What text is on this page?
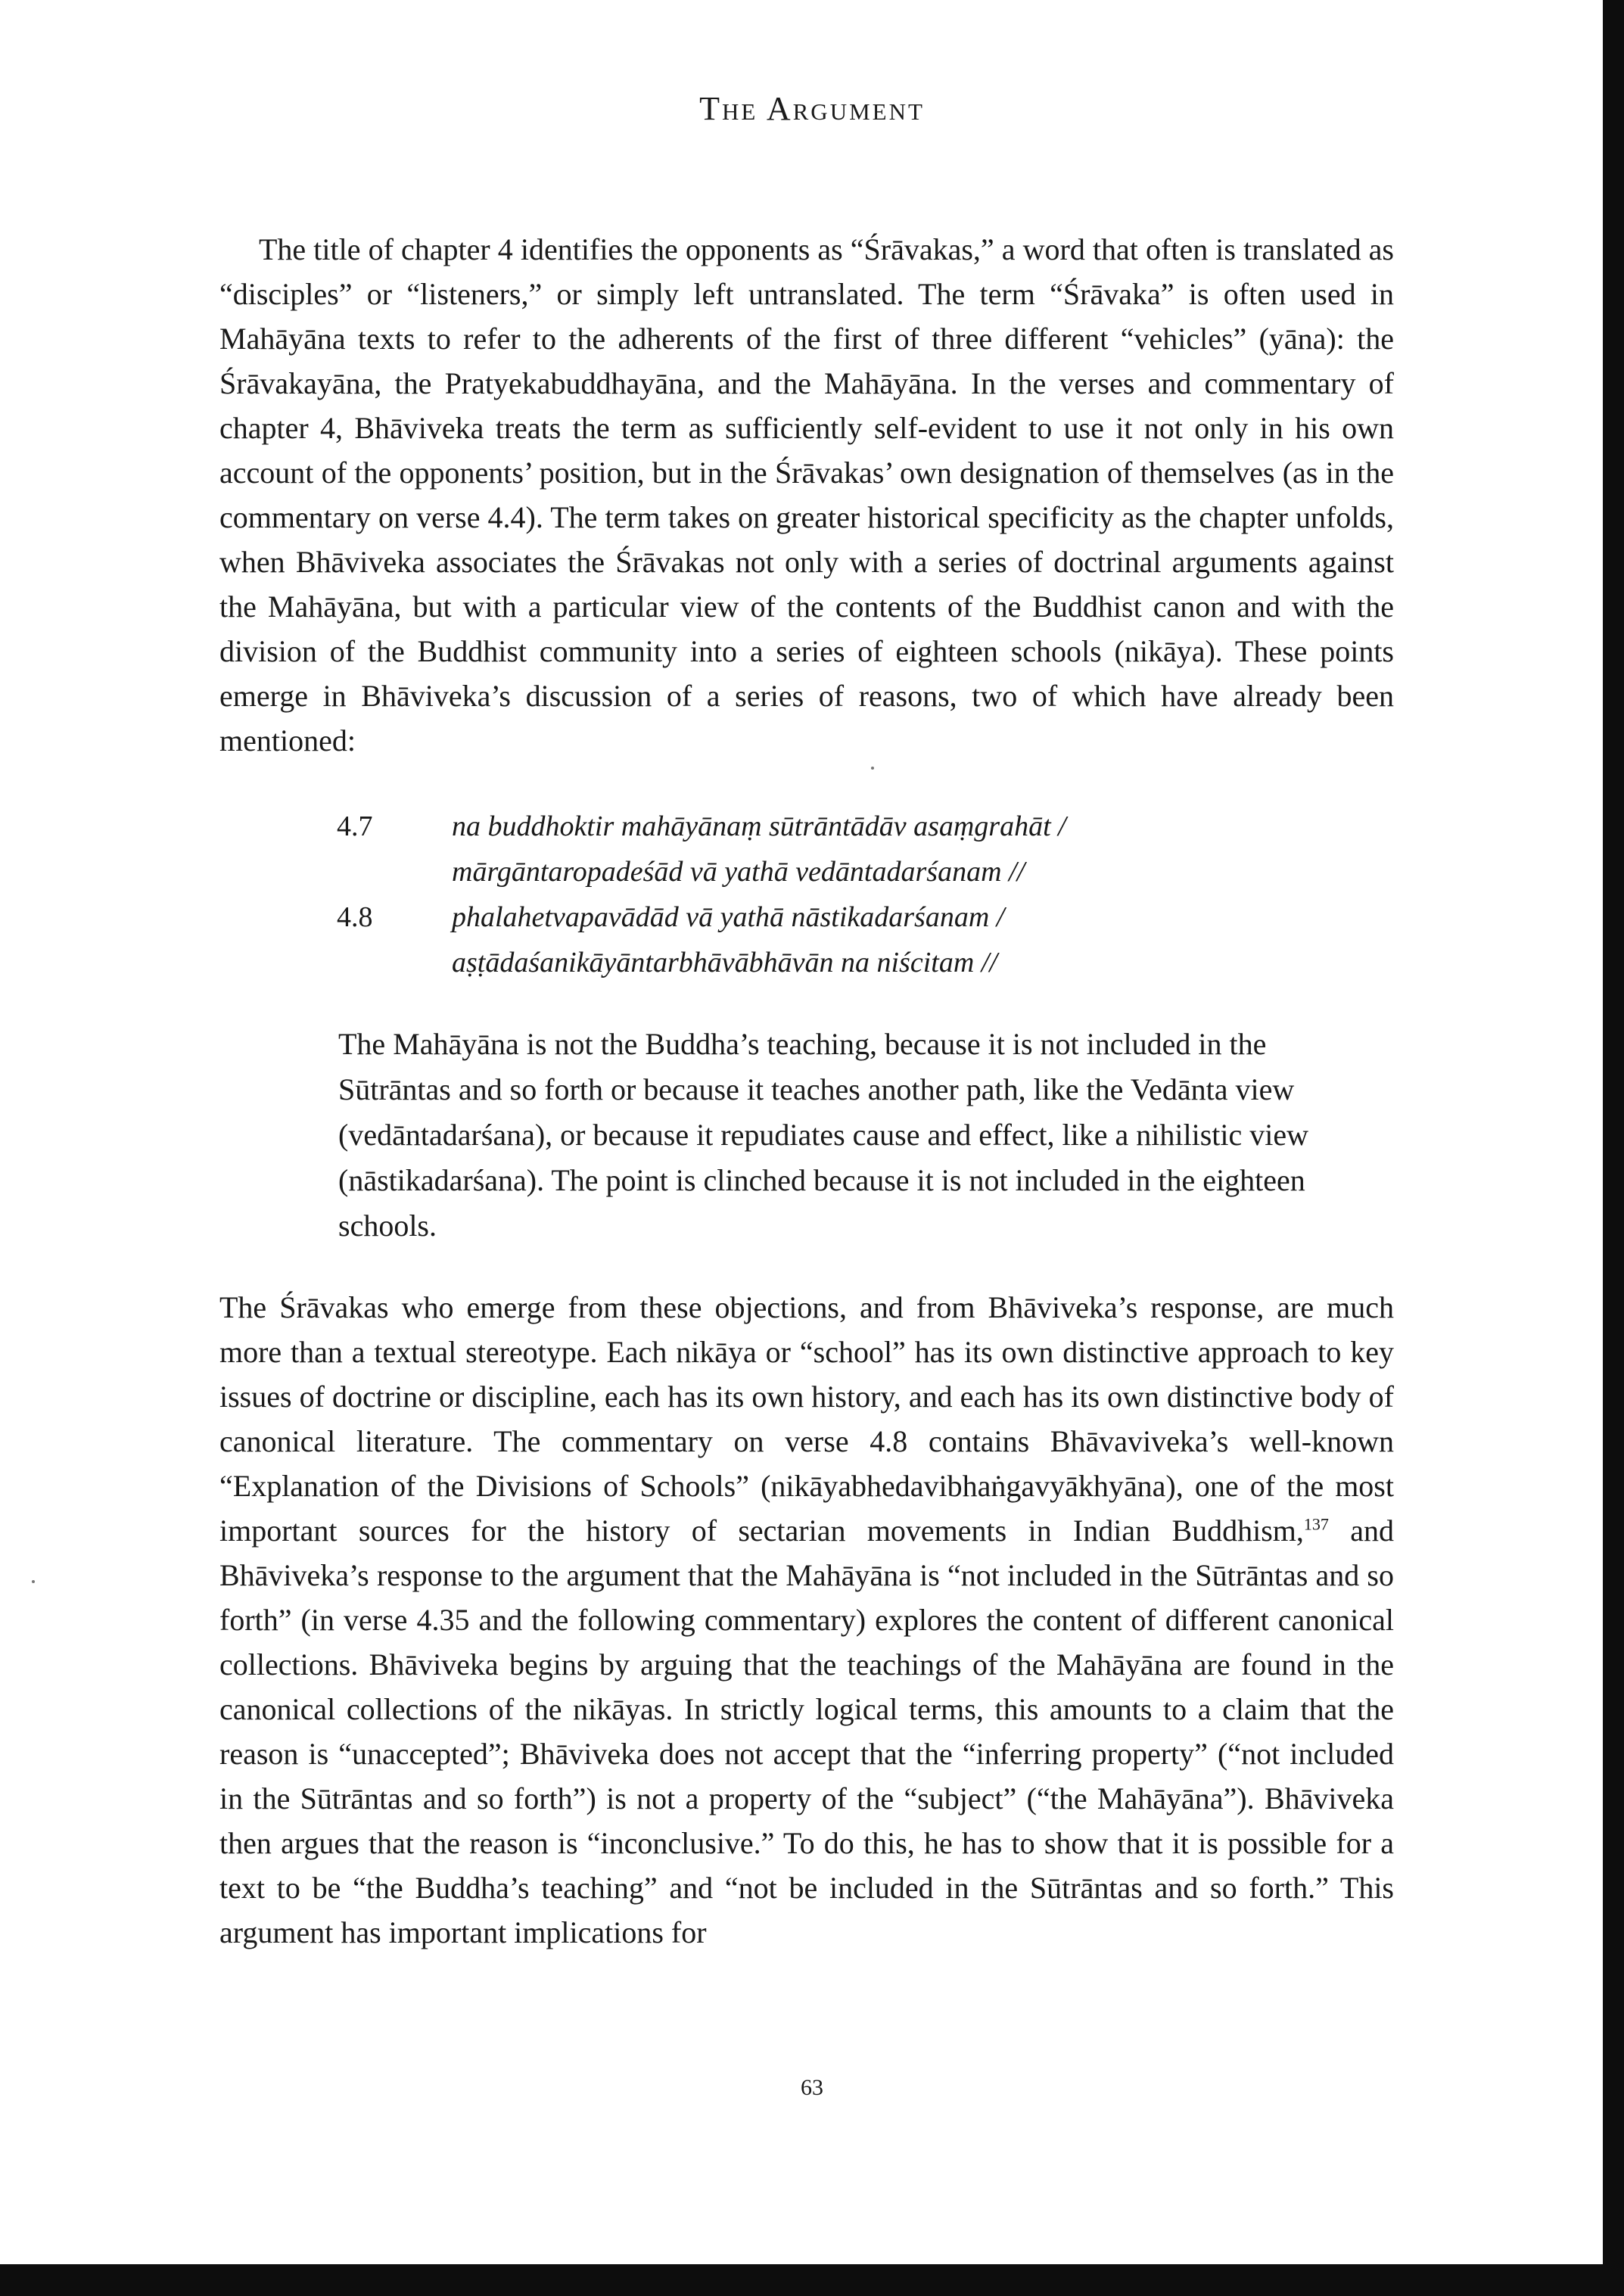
The Argument

The title of chapter 4 identifies the opponents as “Śrāvakas,” a word that often is translated as “disciples” or “listeners,” or simply left untranslated. The term “Śrāvaka” is often used in Mahāyāna texts to refer to the adherents of the first of three different “vehicles” (yāna): the Śrāvakayāna, the Pratyekabuddhayāna, and the Mahāyāna. In the verses and commentary of chapter 4, Bhāviveka treats the term as sufficiently self-evident to use it not only in his own account of the opponents’ position, but in the Śrāvakas’ own designation of themselves (as in the commentary on verse 4.4). The term takes on greater historical specificity as the chapter unfolds, when Bhāviveka associates the Śrāvakas not only with a series of doctrinal arguments against the Mahāyāna, but with a particular view of the contents of the Buddhist canon and with the division of the Buddhist community into a series of eighteen schools (nikāya). These points emerge in Bhāviveka’s discussion of a series of reasons, two of which have already been mentioned:

4.7	na buddhoktir mahāyānaṃ sūtrāntādāv asaṃgrahāt /
mārgāntaropadeśād vā yathā vedāntadarśanam //
4.8	phalahetvapavādād vā yathā nāstikadarśanam /
aṣṭādaśanikāyāntarbhāvābhāvān na niścitam //

The Mahāyāna is not the Buddha’s teaching, because it is not included in the Sūtrāntas and so forth or because it teaches another path, like the Vedānta view (vedāntadarśana), or because it repudiates cause and effect, like a nihilistic view (nāstikadarśana). The point is clinched because it is not included in the eighteen schools.

The Śrāvakas who emerge from these objections, and from Bhāviveka’s response, are much more than a textual stereotype. Each nikāya or “school” has its own distinctive approach to key issues of doctrine or discipline, each has its own history, and each has its own distinctive body of canonical literature. The commentary on verse 4.8 contains Bhāvaviveka’s well-known “Explanation of the Divisions of Schools” (nikāyabhedavibhaṅgavyākhyāna), one of the most important sources for the history of sectarian movements in Indian Buddhism,$^{137}$ and Bhāviveka’s response to the argument that the Mahāyāna is “not included in the Sūtrāntas and so forth” (in verse 4.35 and the following commentary) explores the content of different canonical collections. Bhāviveka begins by arguing that the teachings of the Mahāyāna are found in the canonical collections of the nikāyas. In strictly logical terms, this amounts to a claim that the reason is “unaccepted”; Bhāviveka does not accept that the “inferring property” (“not included in the Sūtrāntas and so forth”) is not a property of the “subject” (“the Mahāyāna”). Bhāviveka then argues that the reason is “inconclusive.” To do this, he has to show that it is possible for a text to be “the Buddha’s teaching” and “not be included in the Sūtrāntas and so forth.” This argument has important implications for

63
